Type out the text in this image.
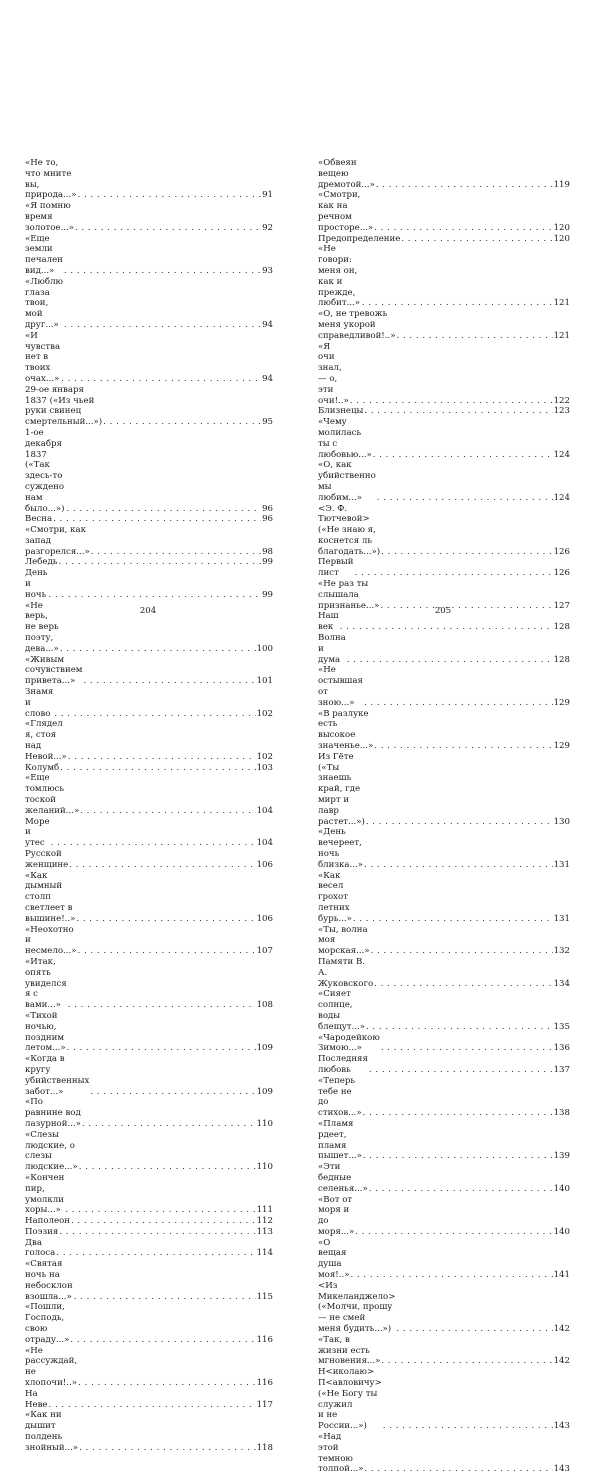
«Не то, что мните вы, природа...» . . .	91
«Я помню время золотое...» . . .	92
«Еще земли печален вид...» . . .	93
«Люблю глаза твои, мой друг...» . . .	94
«И чувства нет в твоих очах...» . . .	94
29-ое января 1837 («Из чьей руки свинец
смертельный...») . . .	95
1-ое декабря 1837 («Так здесь-то суждено
нам было...») . . .	96
Весна . . .	96
«Смотри, как запад разгорелся...» . . .	98
Лебедь . . .	99
День и ночь . . .	99
«Не верь, не верь поэту, дева...» . . .	100
«Живым сочувствием привета...» . . .	101
Знамя и слово . . .	102
«Глядел я, стоя над Невой...» . . .	102
Колумб . . .	103
«Еще томлюсь тоской желаний...» . . .	104
Море и утес . . .	104
Русской женщине . . .	106
«Как дымный столп светлеет в вышине!..» . . .	106
«Неохотно и несмело...» . . .	107
«Итак, опять увиделся я с вами...» . . .	108
«Тихой ночью, поздним летом...» . . .	109
«Когда в кругу убийственных забот...» . . .	109
«По равнине вод лазурной...» . . .	110
«Слезы людские, о слезы людские...» . . .	110
«Кончен пир, умолкли хоры...» . . .	111
Наполеон . . .	112
Поэзия . . .	113
Два голоса . . .	114
«Святая ночь на небосклон взошла...» . . .	115
«Пошли, Господь, свою отраду...» . . .	116
«Не рассуждай, не хлопочи!..» . . .	116
На Неве . . .	117
«Как ни дышит полдень знойный...» . . .	118
204
«Обвеян вещею дремотой...» . . .	119
«Смотри, как на речном просторе...» . . .	120
Предопределение . . .	120
«Не говори: меня он, как и прежде, любит...» . . .	121
«О, не тревожь меня укорой справедливой!..» . . .	121
«Я очи знал, — о, эти очи!..» . . .	122
Близнецы . . .	123
«Чему молилась ты с любовью...» . . .	124
«О, как убийственно мы любим...» . . .	124
<Э. Ф. Тютчевой> («Не знаю я, коснется ль
благодать...») . . .	126
Первый лист . . .	126
«Не раз ты слышала признанье...» . . .	127
Наш век . . .	128
Волна и дума . . .	128
«Не остывшая от зною...» . . .	129
«В разлуке есть высокое значенье...» . . .	129
Из Гёте («Ты знаешь край, где мирт и лавр
растет...») . . .	130
«День вечереет, ночь близка...» . . .	131
«Как весел грохот летних бурь...» . . .	131
«Ты, волна моя морская...» . . .	132
Памяти В. А. Жуковского . . .	134
«Сияет солнце, воды блещут...» . . .	135
«Чародейкою Зимою...» . . .	136
Последняя любовь . . .	137
«Теперь тебе не до стихов...» . . .	138
«Пламя рдеет, пламя пышет...» . . .	139
«Эти бедные селенья...» . . .	140
«Вот от моря и до моря...» . . .	140
«О вещая душа моя!..» . . .	141
<Из Микеланджело> («Молчи, прошу — не смей
меня будить...») . . .	142
«Так, в жизни есть мгновения...» . . .	142
Н<иколаю> П<авловичу> («Не Богу ты служил
и не России...») . . .	143
«Над этой темною толпой...» . . .	143
205
